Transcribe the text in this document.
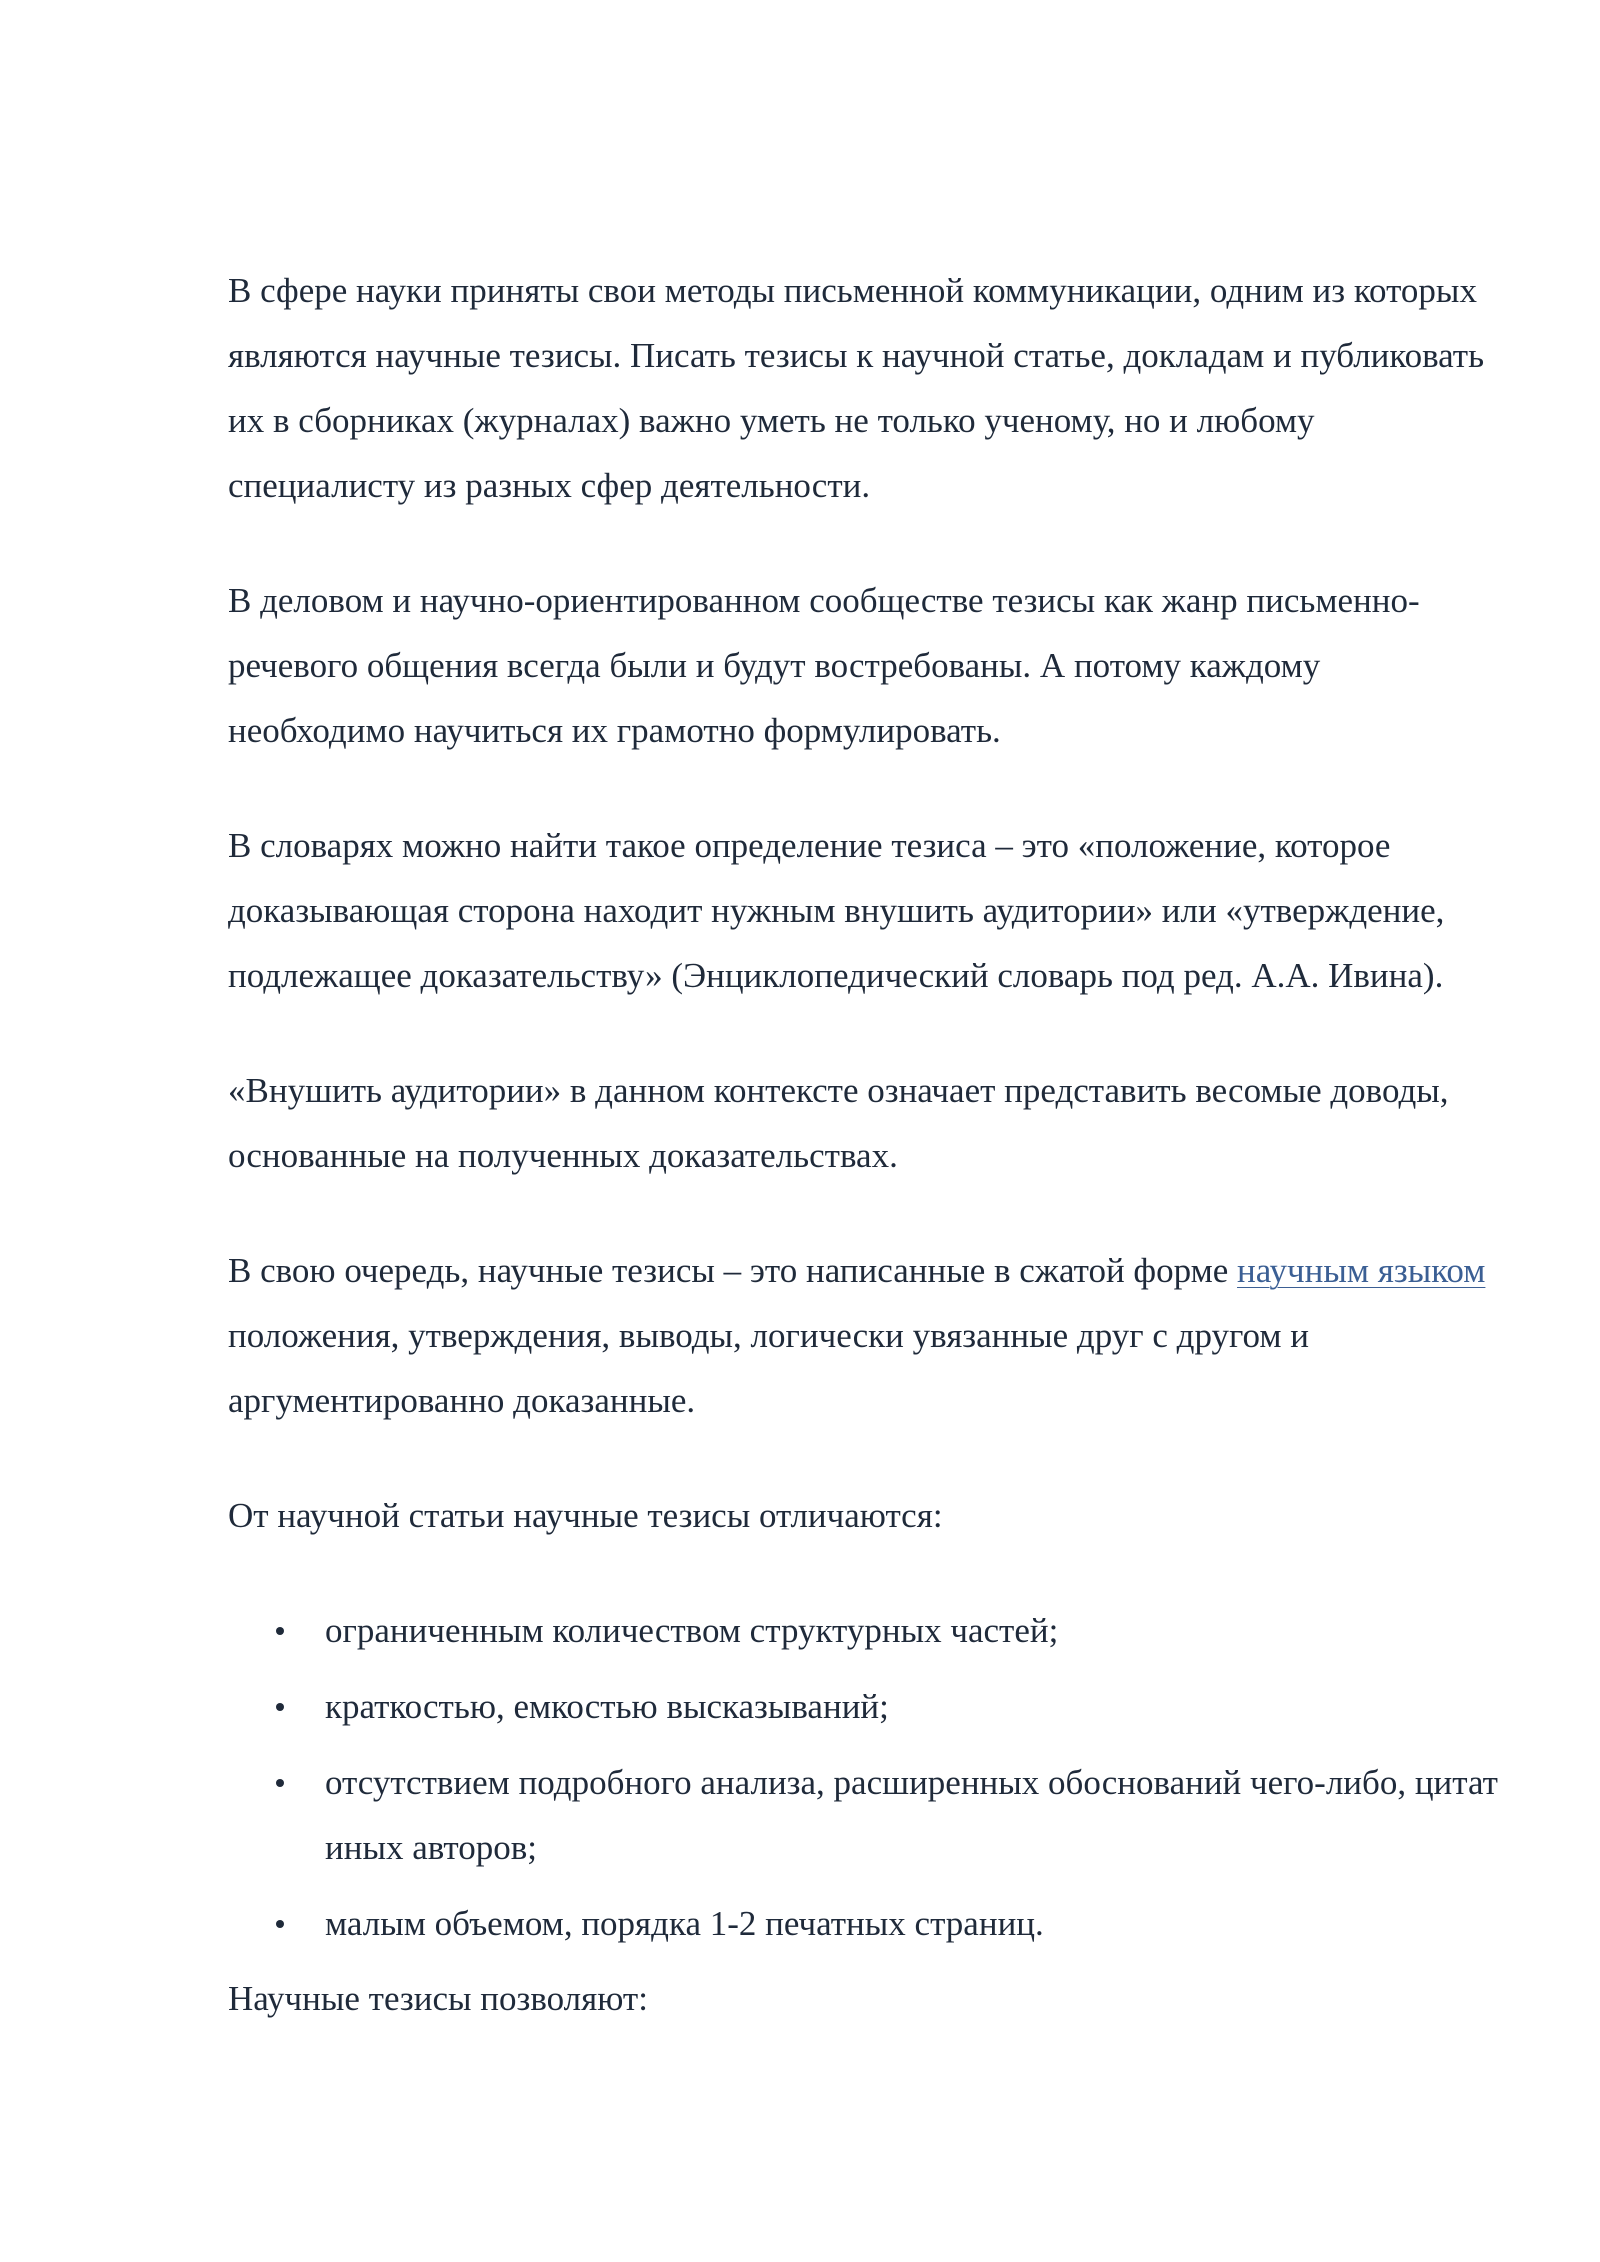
В сфере науки приняты свои методы письменной коммуникации, одним из которых являются научные тезисы. Писать тезисы к научной статье, докладам и публиковать их в сборниках (журналах) важно уметь не только ученому, но и любому специалисту из разных сфер деятельности.

В деловом и научно-ориентированном сообществе тезисы как жанр письменно-речевого общения всегда были и будут востребованы. А потому каждому необходимо научиться их грамотно формулировать.

В словарях можно найти такое определение тезиса – это «положение, которое доказывающая сторона находит нужным внушить аудитории» или «утверждение, подлежащее доказательству» (Энциклопедический словарь под ред. А.А. Ивина).

«Внушить аудитории» в данном контексте означает представить весомые доводы, основанные на полученных доказательствах.

В свою очередь, научные тезисы – это написанные в сжатой форме научным языком положения, утверждения, выводы, логически увязанные друг с другом и аргументированно доказанные.

От научной статьи научные тезисы отличаются:

ограниченным количеством структурных частей;
краткостью, емкостью высказываний;
отсутствием подробного анализа, расширенных обоснований чего-либо, цитат иных авторов;
малым объемом, порядка 1-2 печатных страниц.

Научные тезисы позволяют:
